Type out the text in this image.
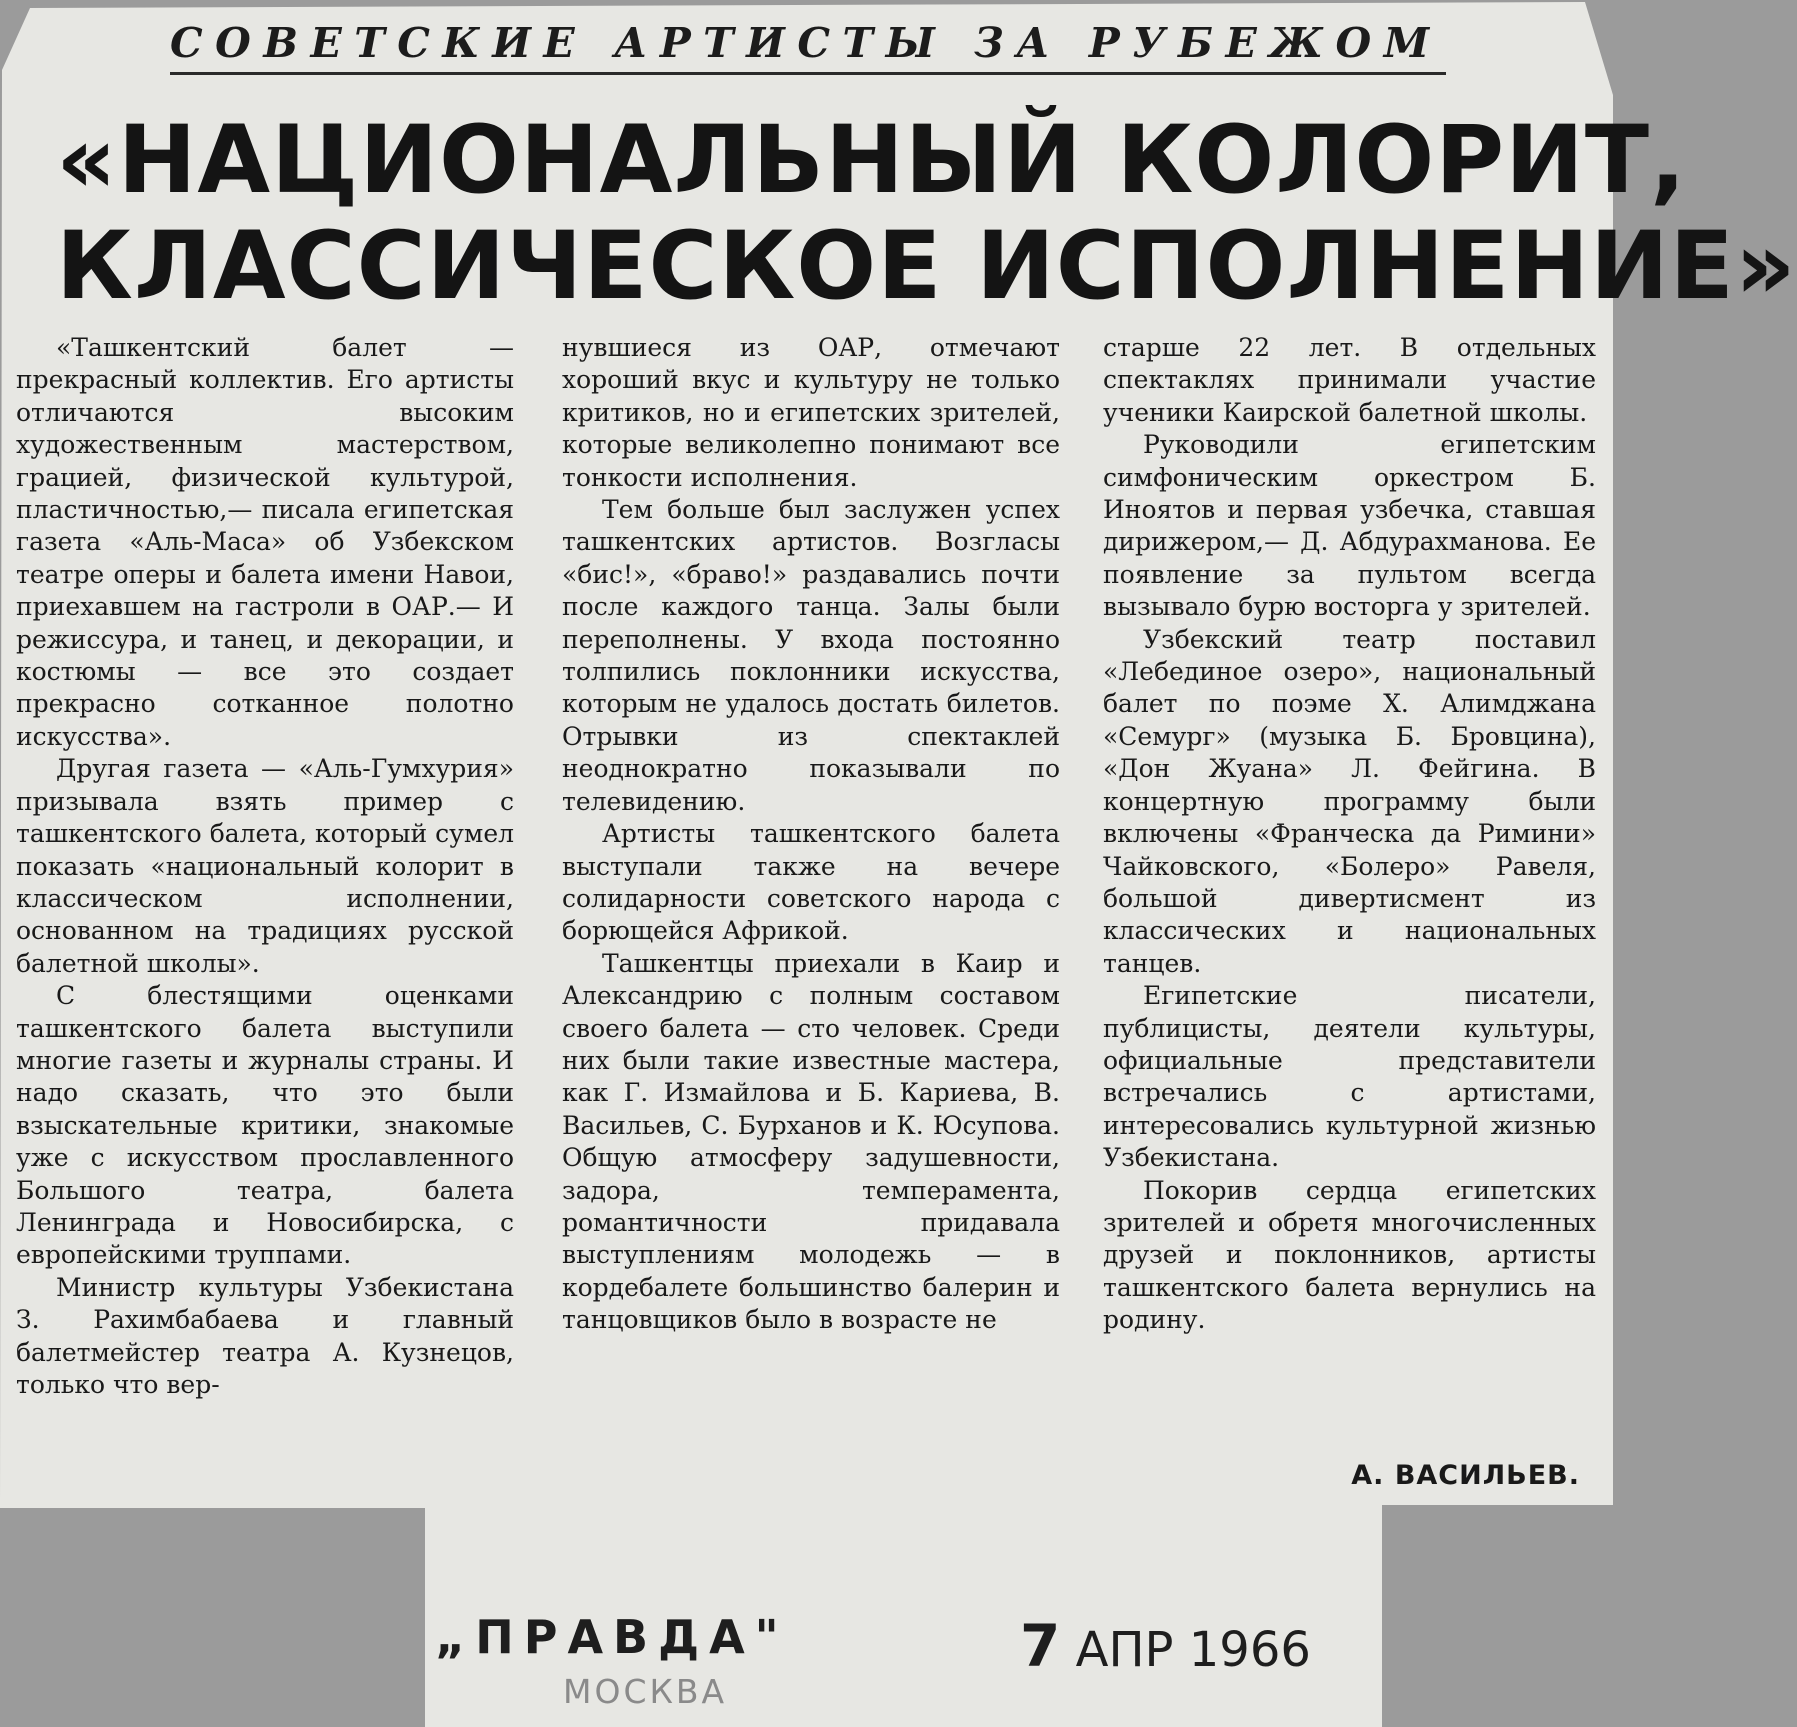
СОВЕТСКИЕ АРТИСТЫ ЗА РУБЕЖОМ
«НАЦИОНАЛЬНЫЙ КОЛОРИТ,
КЛАССИЧЕСКОЕ ИСПОЛНЕНИЕ»

«Ташкентский балет — прекрасный коллектив. Его артисты отличаются высоким художественным мастерством, грацией, физической культурой, пластичностью,— писала египетская газета «Аль-Маса» об Узбекском театре оперы и балета имени Навои, приехавшем на гастроли в ОАР.— И режиссура, и танец, и декорации, и костюмы — все это создает прекрасно сотканное полотно искусства».

Другая газета — «Аль-Гумхурия» призывала взять пример с ташкентского балета, который сумел показать «национальный колорит в классическом исполнении, основанном на традициях русской балетной школы».

С блестящими оценками ташкентского балета выступили многие газеты и журналы страны. И надо сказать, что это были взыскательные критики, знакомые уже с искусством прославленного Большого театра, балета Ленинграда и Новосибирска, с европейскими труппами.

Министр культуры Узбекистана З. Рахимбабаева и главный балетмейстер театра А. Кузнецов, только что вер-

нувшиеся из ОАР, отмечают хороший вкус и культуру не только критиков, но и египетских зрителей, которые великолепно понимают все тонкости исполнения.

Тем больше был заслужен успех ташкентских артистов. Возгласы «бис!», «браво!» раздавались почти после каждого танца. Залы были переполнены. У входа постоянно толпились поклонники искусства, которым не удалось достать билетов. Отрывки из спектаклей неоднократно показывали по телевидению.

Артисты ташкентского балета выступали также на вечере солидарности советского народа с борющейся Африкой.

Ташкентцы приехали в Каир и Александрию с полным составом своего балета — сто человек. Среди них были такие известные мастера, как Г. Измайлова и Б. Кариева, В. Васильев, С. Бурханов и К. Юсупова. Общую атмосферу задушевности, задора, темперамента, романтичности придавала выступлениям молодежь — в кордебалете большинство балерин и танцовщиков было в возрасте не

старше 22 лет. В отдельных спектаклях принимали участие ученики Каирской балетной школы.

Руководили египетским симфоническим оркестром Б. Иноятов и первая узбечка, ставшая дирижером,— Д. Абдурахманова. Ее появление за пультом всегда вызывало бурю восторга у зрителей.

Узбекский театр поставил «Лебединое озеро», национальный балет по поэме Х. Алимджана «Семург» (музыка Б. Бровцина), «Дон Жуана» Л. Фейгина. В концертную программу были включены «Франческа да Римини» Чайковского, «Болеро» Равеля, большой дивертисмент из классических и национальных танцев.

Египетские писатели, публицисты, деятели культуры, официальные представители встречались с артистами, интересовались культурной жизнью Узбекистана.

Покорив сердца египетских зрителей и обретя многочисленных друзей и поклонников, артисты ташкентского балета вернулись на родину.

А. ВАСИЛЬЕВ.
„ПРАВДА"	7 АПР 1966
МОСКВА
